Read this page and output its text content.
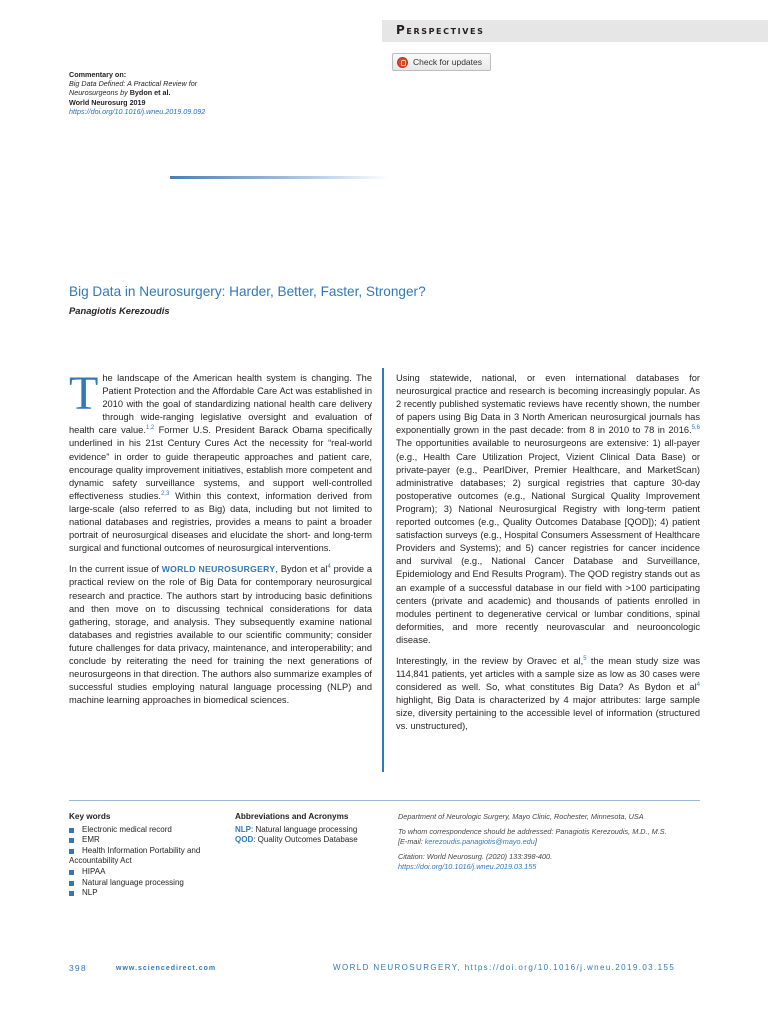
Perspectives
Check for updates
Commentary on:
Big Data Defined: A Practical Review for
Neurosurgeons by Bydon et al.
World Neurosurg 2019
https://doi.org/10.1016/j.wneu.2019.09.092
Big Data in Neurosurgery: Harder, Better, Faster, Stronger?
Panagiotis Kerezoudis

The landscape of the American health system is changing. The Patient Protection and the Affordable Care Act was established in 2010 with the goal of standardizing national health care delivery through wide-ranging legislative oversight and evaluation of health care value.$^{1,2}$ Former U.S. President Barack Obama specifically underlined in his 21st Century Cures Act the necessity for “real-world evidence” in order to guide therapeutic approaches and patient care, encourage quality improvement initiatives, establish more competent and dynamic safety surveillance systems, and support well-controlled effectiveness studies.$^{2,3}$ Within this context, information derived from large-scale (also referred to as Big) data, including but not limited to national databases and registries, provides a means to paint a broader portrait of neurosurgical diseases and elucidate the short- and long-term surgical and functional outcomes of neurosurgical interventions.

In the current issue of WORLD NEUROSURGERY, Bydon et $al^4$ provide a practical review on the role of Big Data for contemporary neurosurgical research and practice. The authors start by introducing basic definitions and then move on to discussing technical considerations for data gathering, storage, and analysis. They subsequently examine national databases and registries available to our scientific community; consider future challenges for data privacy, maintenance, and interoperability; and conclude by reiterating the need for training the next generations of neurosurgeons in that direction. The authors also summarize examples of successful studies employing natural language processing (NLP) and machine learning approaches in biomedical sciences.

Using statewide, national, or even international databases for neurosurgical practice and research is becoming increasingly popular. As 2 recently published systematic reviews have recently shown, the number of papers using Big Data in 3 North American neurosurgical journals has exponentially grown in the past decade: from 8 in 2010 to 78 in 2016.$^{5,6}$ The opportunities available to neurosurgeons are extensive: 1) all-payer (e.g., Health Care Utilization Project, Vizient Clinical Data Base) or private-payer (e.g., PearlDiver, Premier Healthcare, and MarketScan) administrative databases; 2) surgical registries that capture 30-day postoperative outcomes (e.g., National Surgical Quality Improvement Program); 3) National Neurosurgical Registry with long-term patient reported outcomes (e.g., Quality Outcomes Database [QOD]); 4) patient satisfaction surveys (e.g., Hospital Consumers Assessment of Healthcare Providers and Systems); and 5) cancer registries for cancer incidence and survival (e.g., National Cancer Database and Surveillance, Epidemiology and End Results Program). The QOD registry stands out as an example of a successful database in our field with >100 participating centers (private and academic) and thousands of patients enrolled in modules pertinent to degenerative cervical or lumbar conditions, spinal deformities, and more recently neurovascular and neurooncologic disease.

Interestingly, in the review by Oravec et al,$^5$ the mean study size was 114,841 patients, yet articles with a sample size as low as 30 cases were considered as well. So, what constitutes Big Data? As Bydon et $al^4$ highlight, Big Data is characterized by 4 major attributes: large sample size, diversity pertaining to the accessible level of information (structured vs. unstructured),

Key words
Electronic medical record
EMR
Health Information Portability and
Accountability Act
HIPAA
Natural language processing
NLP
Abbreviations and Acronyms
NLP: Natural language processing
QOD: Quality Outcomes Database

Department of Neurologic Surgery, Mayo Clinic, Rochester, Minnesota, USA

To whom correspondence should be addressed: Panagiotis Kerezoudis, M.D., M.S.
[E-mail: kerezoudis.panagiotis@mayo.edu]

Citation: World Neurosurg. (2020) 133:398-400.
https://doi.org/10.1016/j.wneu.2019.03.155

398	www.sciencedirect.com	WORLD NEUROSURGERY, https://doi.org/10.1016/j.wneu.2019.03.155
